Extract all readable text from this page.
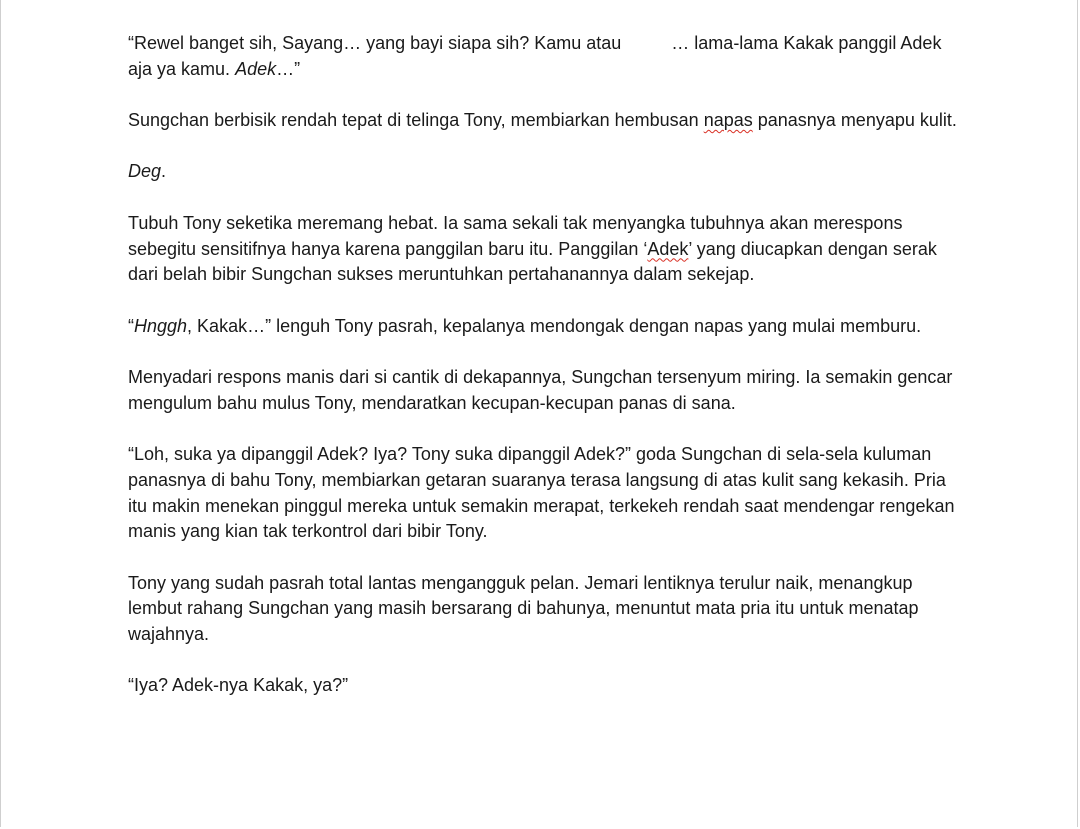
“Rewel banget sih, Sayang… yang bayi siapa sih? Kamu atau	… lama-lama Kakak panggil Adek aja ya kamu. Adek…”

Sungchan berbisik rendah tepat di telinga Tony, membiarkan hembusan napas panasnya menyapu kulit.

Deg.

Tubuh Tony seketika meremang hebat. Ia sama sekali tak menyangka tubuhnya akan merespons sebegitu sensitifnya hanya karena panggilan baru itu. Panggilan ‘Adek’ yang diucapkan dengan serak dari belah bibir Sungchan sukses meruntuhkan pertahanannya dalam sekejap.

“Hnggh, Kakak…” lenguh Tony pasrah, kepalanya mendongak dengan napas yang mulai memburu.

Menyadari respons manis dari si cantik di dekapannya, Sungchan tersenyum miring. Ia semakin gencar mengulum bahu mulus Tony, mendaratkan kecupan-kecupan panas di sana.

“Loh, suka ya dipanggil Adek? Iya? Tony suka dipanggil Adek?” goda Sungchan di sela-sela kuluman panasnya di bahu Tony, membiarkan getaran suaranya terasa langsung di atas kulit sang kekasih. Pria itu makin menekan pinggul mereka untuk semakin merapat, terkekeh rendah saat mendengar rengekan manis yang kian tak terkontrol dari bibir Tony.

Tony yang sudah pasrah total lantas mengangguk pelan. Jemari lentiknya terulur naik, menangkup lembut rahang Sungchan yang masih bersarang di bahunya, menuntut mata pria itu untuk menatap wajahnya.

“Iya? Adek-nya Kakak, ya?”
